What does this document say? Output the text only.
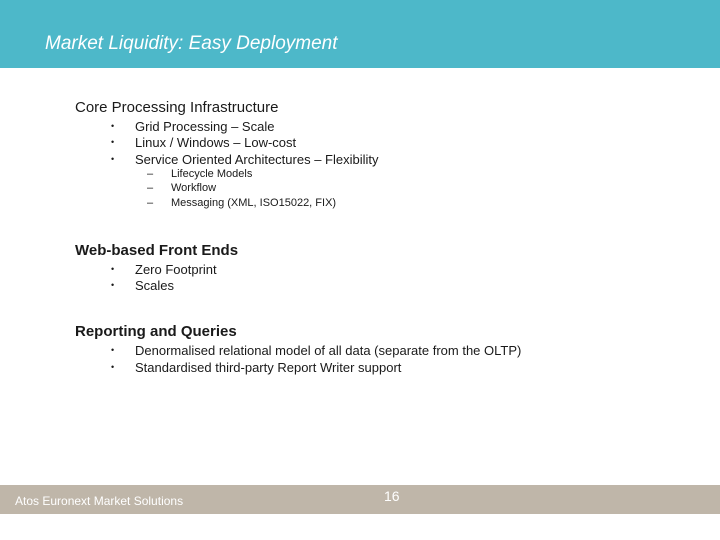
Market Liquidity: Easy Deployment
Core Processing Infrastructure
• Grid Processing – Scale
• Linux / Windows – Low-cost
• Service Oriented Architectures – Flexibility
– Lifecycle Models
– Workflow
– Messaging (XML, ISO15022, FIX)
Web-based Front Ends
• Zero Footprint
• Scales
Reporting and Queries
• Denormalised relational model of all data (separate from the OLTP)
• Standardised third-party Report Writer support
Atos Euronext Market Solutions	16
